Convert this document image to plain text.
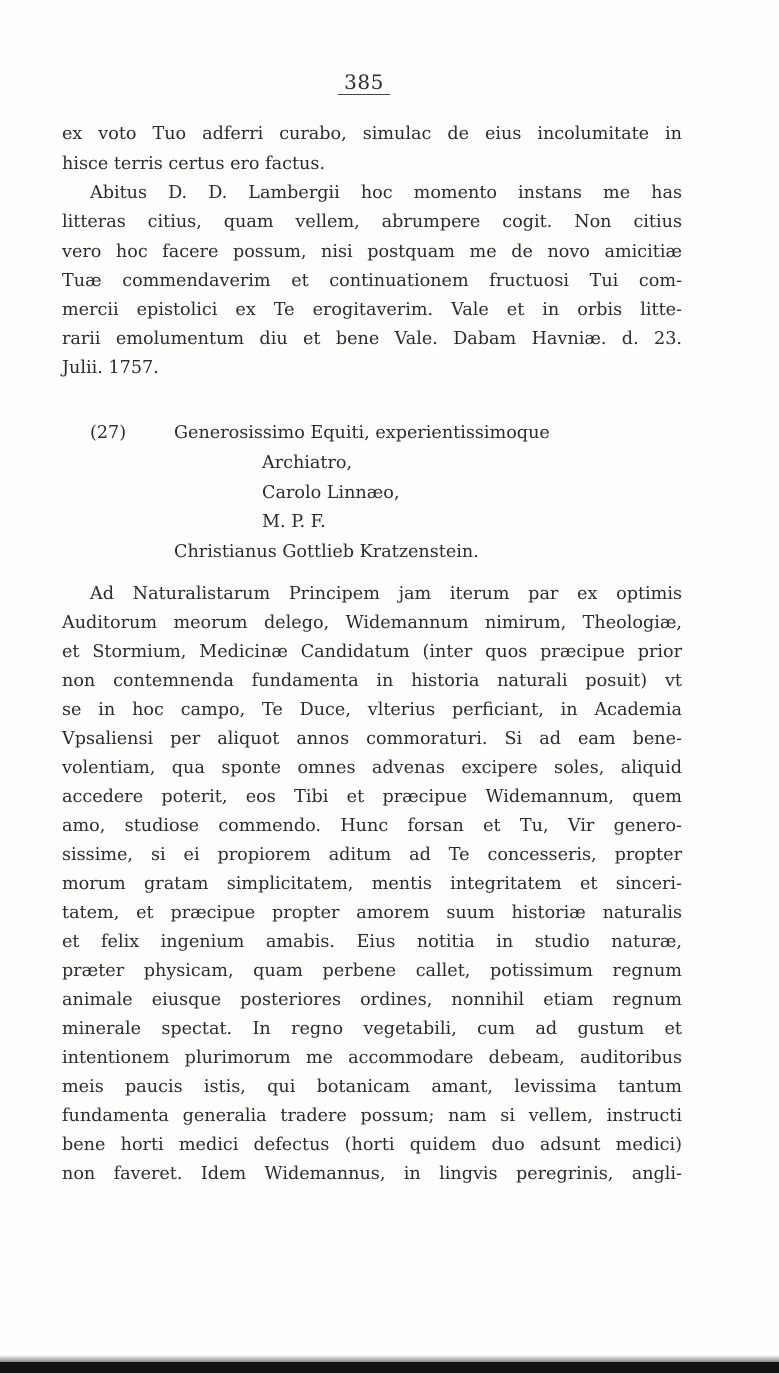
385
ex voto Tuo adferri curabo, simulac de eius incolumitate in
hisce terris certus ero factus.
Abitus D. D. Lambergii hoc momento instans me has
litteras citius, quam vellem, abrumpere cogit. Non citius
vero hoc facere possum, nisi postquam me de novo amicitiæ
Tuæ commendaverim et continuationem fructuosi Tui com-
mercii epistolici ex Te erogitaverim. Vale et in orbis litte-
rarii emolumentum diu et bene Vale. Dabam Havniæ. d. 23.
Julii. 1757.
(27)	Generosissimo Equiti, experientissimoque
Archiatro,
Carolo Linnæo,
M. P. F.
Christianus Gottlieb Kratzenstein.
Ad Naturalistarum Principem jam iterum par ex optimis
Auditorum meorum delego, Widemannum nimirum, Theologiæ,
et Stormium, Medicinæ Candidatum (inter quos præcipue prior
non contemnenda fundamenta in historia naturali posuit) vt
se in hoc campo, Te Duce, vlterius perficiant, in Academia
Vpsaliensi per aliquot annos commoraturi. Si ad eam bene-
volentiam, qua sponte omnes advenas excipere soles, aliquid
accedere poterit, eos Tibi et præcipue Widemannum, quem
amo, studiose commendo. Hunc forsan et Tu, Vir genero-
sissime, si ei propiorem aditum ad Te concesseris, propter
morum gratam simplicitatem, mentis integritatem et sinceri-
tatem, et præcipue propter amorem suum historiæ naturalis
et felix ingenium amabis. Eius notitia in studio naturæ,
præter physicam, quam perbene callet, potissimum regnum
animale eiusque posteriores ordines, nonnihil etiam regnum
minerale spectat. In regno vegetabili, cum ad gustum et
intentionem plurimorum me accommodare debeam, auditoribus
meis paucis istis, qui botanicam amant, levissima tantum
fundamenta generalia tradere possum; nam si vellem, instructi
bene horti medici defectus (horti quidem duo adsunt medici)
non faveret. Idem Widemannus, in lingvis peregrinis, angli-
